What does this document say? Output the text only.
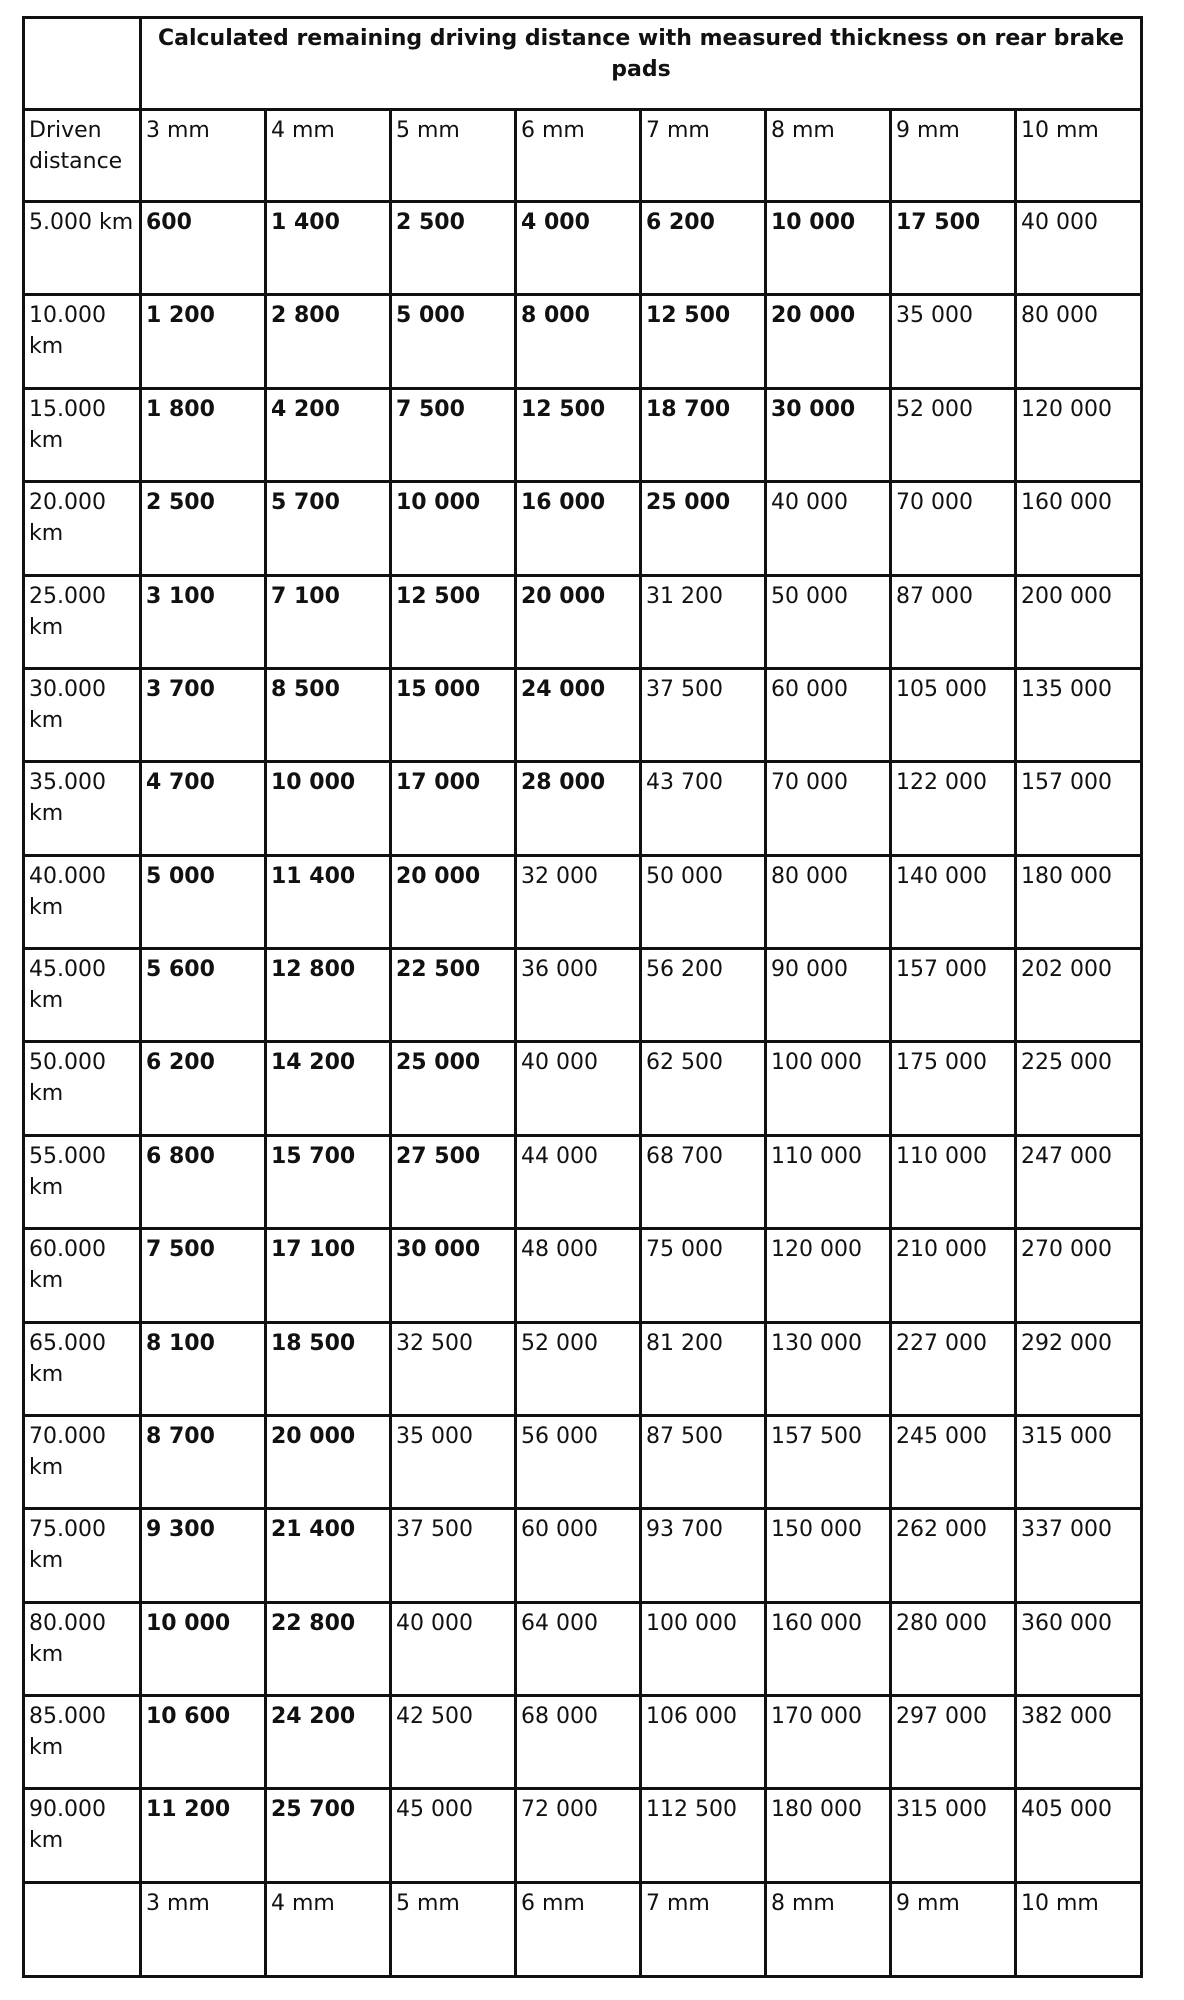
	Calculated remaining driving distance with measured thickness on rear brake pads							
Driven distance	3 mm	4 mm	5 mm	6 mm	7 mm	8 mm	9 mm	10 mm
5.000 km	600	1 400	2 500	4 000	6 200	10 000	17 500	40 000
10.000 km	1 200	2 800	5 000	8 000	12 500	20 000	35 000	80 000
15.000 km	1 800	4 200	7 500	12 500	18 700	30 000	52 000	120 000
20.000 km	2 500	5 700	10 000	16 000	25 000	40 000	70 000	160 000
25.000 km	3 100	7 100	12 500	20 000	31 200	50 000	87 000	200 000
30.000 km	3 700	8 500	15 000	24 000	37 500	60 000	105 000	135 000
35.000 km	4 700	10 000	17 000	28 000	43 700	70 000	122 000	157 000
40.000 km	5 000	11 400	20 000	32 000	50 000	80 000	140 000	180 000
45.000 km	5 600	12 800	22 500	36 000	56 200	90 000	157 000	202 000
50.000 km	6 200	14 200	25 000	40 000	62 500	100 000	175 000	225 000
55.000 km	6 800	15 700	27 500	44 000	68 700	110 000	110 000	247 000
60.000 km	7 500	17 100	30 000	48 000	75 000	120 000	210 000	270 000
65.000 km	8 100	18 500	32 500	52 000	81 200	130 000	227 000	292 000
70.000 km	8 700	20 000	35 000	56 000	87 500	157 500	245 000	315 000
75.000 km	9 300	21 400	37 500	60 000	93 700	150 000	262 000	337 000
80.000 km	10 000	22 800	40 000	64 000	100 000	160 000	280 000	360 000
85.000 km	10 600	24 200	42 500	68 000	106 000	170 000	297 000	382 000
90.000 km	11 200	25 700	45 000	72 000	112 500	180 000	315 000	405 000
	3 mm	4 mm	5 mm	6 mm	7 mm	8 mm	9 mm	10 mm
